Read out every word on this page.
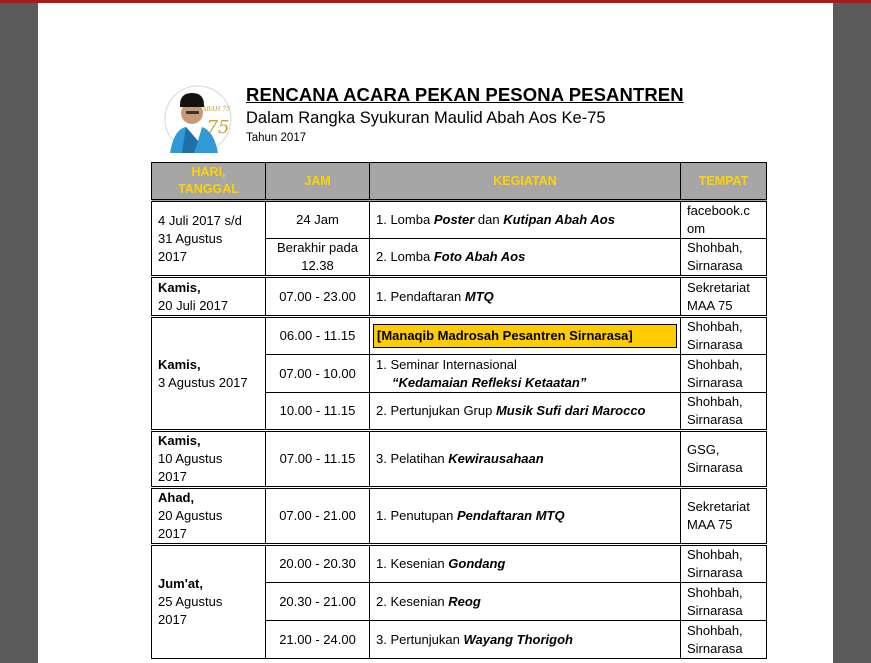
ABAH 75
75
RENCANA ACARA PEKAN PESONA PESANTREN
Dalam Rangka Syukuran Maulid Abah Aos Ke-75
Tahun 2017
HARI,
TANGGAL	JAM	KEGIATAN	TEMPAT
4 Juli 2017 s/d
31 Agustus
2017	24 Jam	1. Lomba Poster dan Kutipan Abah Aos	facebook.c
om
	Berakhir pada
12.38	2. Lomba Foto Abah Aos	Shohbah,
Sirnarasa
Kamis,
20 Juli 2017	07.00 - 23.00	1. Pendaftaran MTQ	Sekretariat
MAA 75
Kamis,
3 Agustus 2017	06.00 - 11.15	[Manaqib Madrosah Pesantren Sirnarasa]	Shohbah,
Sirnarasa
	07.00 - 10.00	1. Seminar Internasional
“Kedamaian Refleksi Ketaatan”	Shohbah,
Sirnarasa
	10.00 - 11.15	2. Pertunjukan Grup Musik Sufi dari Marocco	Shohbah,
Sirnarasa
Kamis,
10 Agustus
2017	07.00 - 11.15	3. Pelatihan Kewirausahaan	GSG,
Sirnarasa
Ahad,
20 Agustus
2017	07.00 - 21.00	1. Penutupan Pendaftaran MTQ	Sekretariat
MAA 75
Jum'at,
25 Agustus
2017	20.00 - 20.30	1. Kesenian Gondang	Shohbah,
Sirnarasa
	20.30 - 21.00	2. Kesenian Reog	Shohbah,
Sirnarasa
	21.00 - 24.00	3. Pertunjukan Wayang Thorigoh	Shohbah,
Sirnarasa
